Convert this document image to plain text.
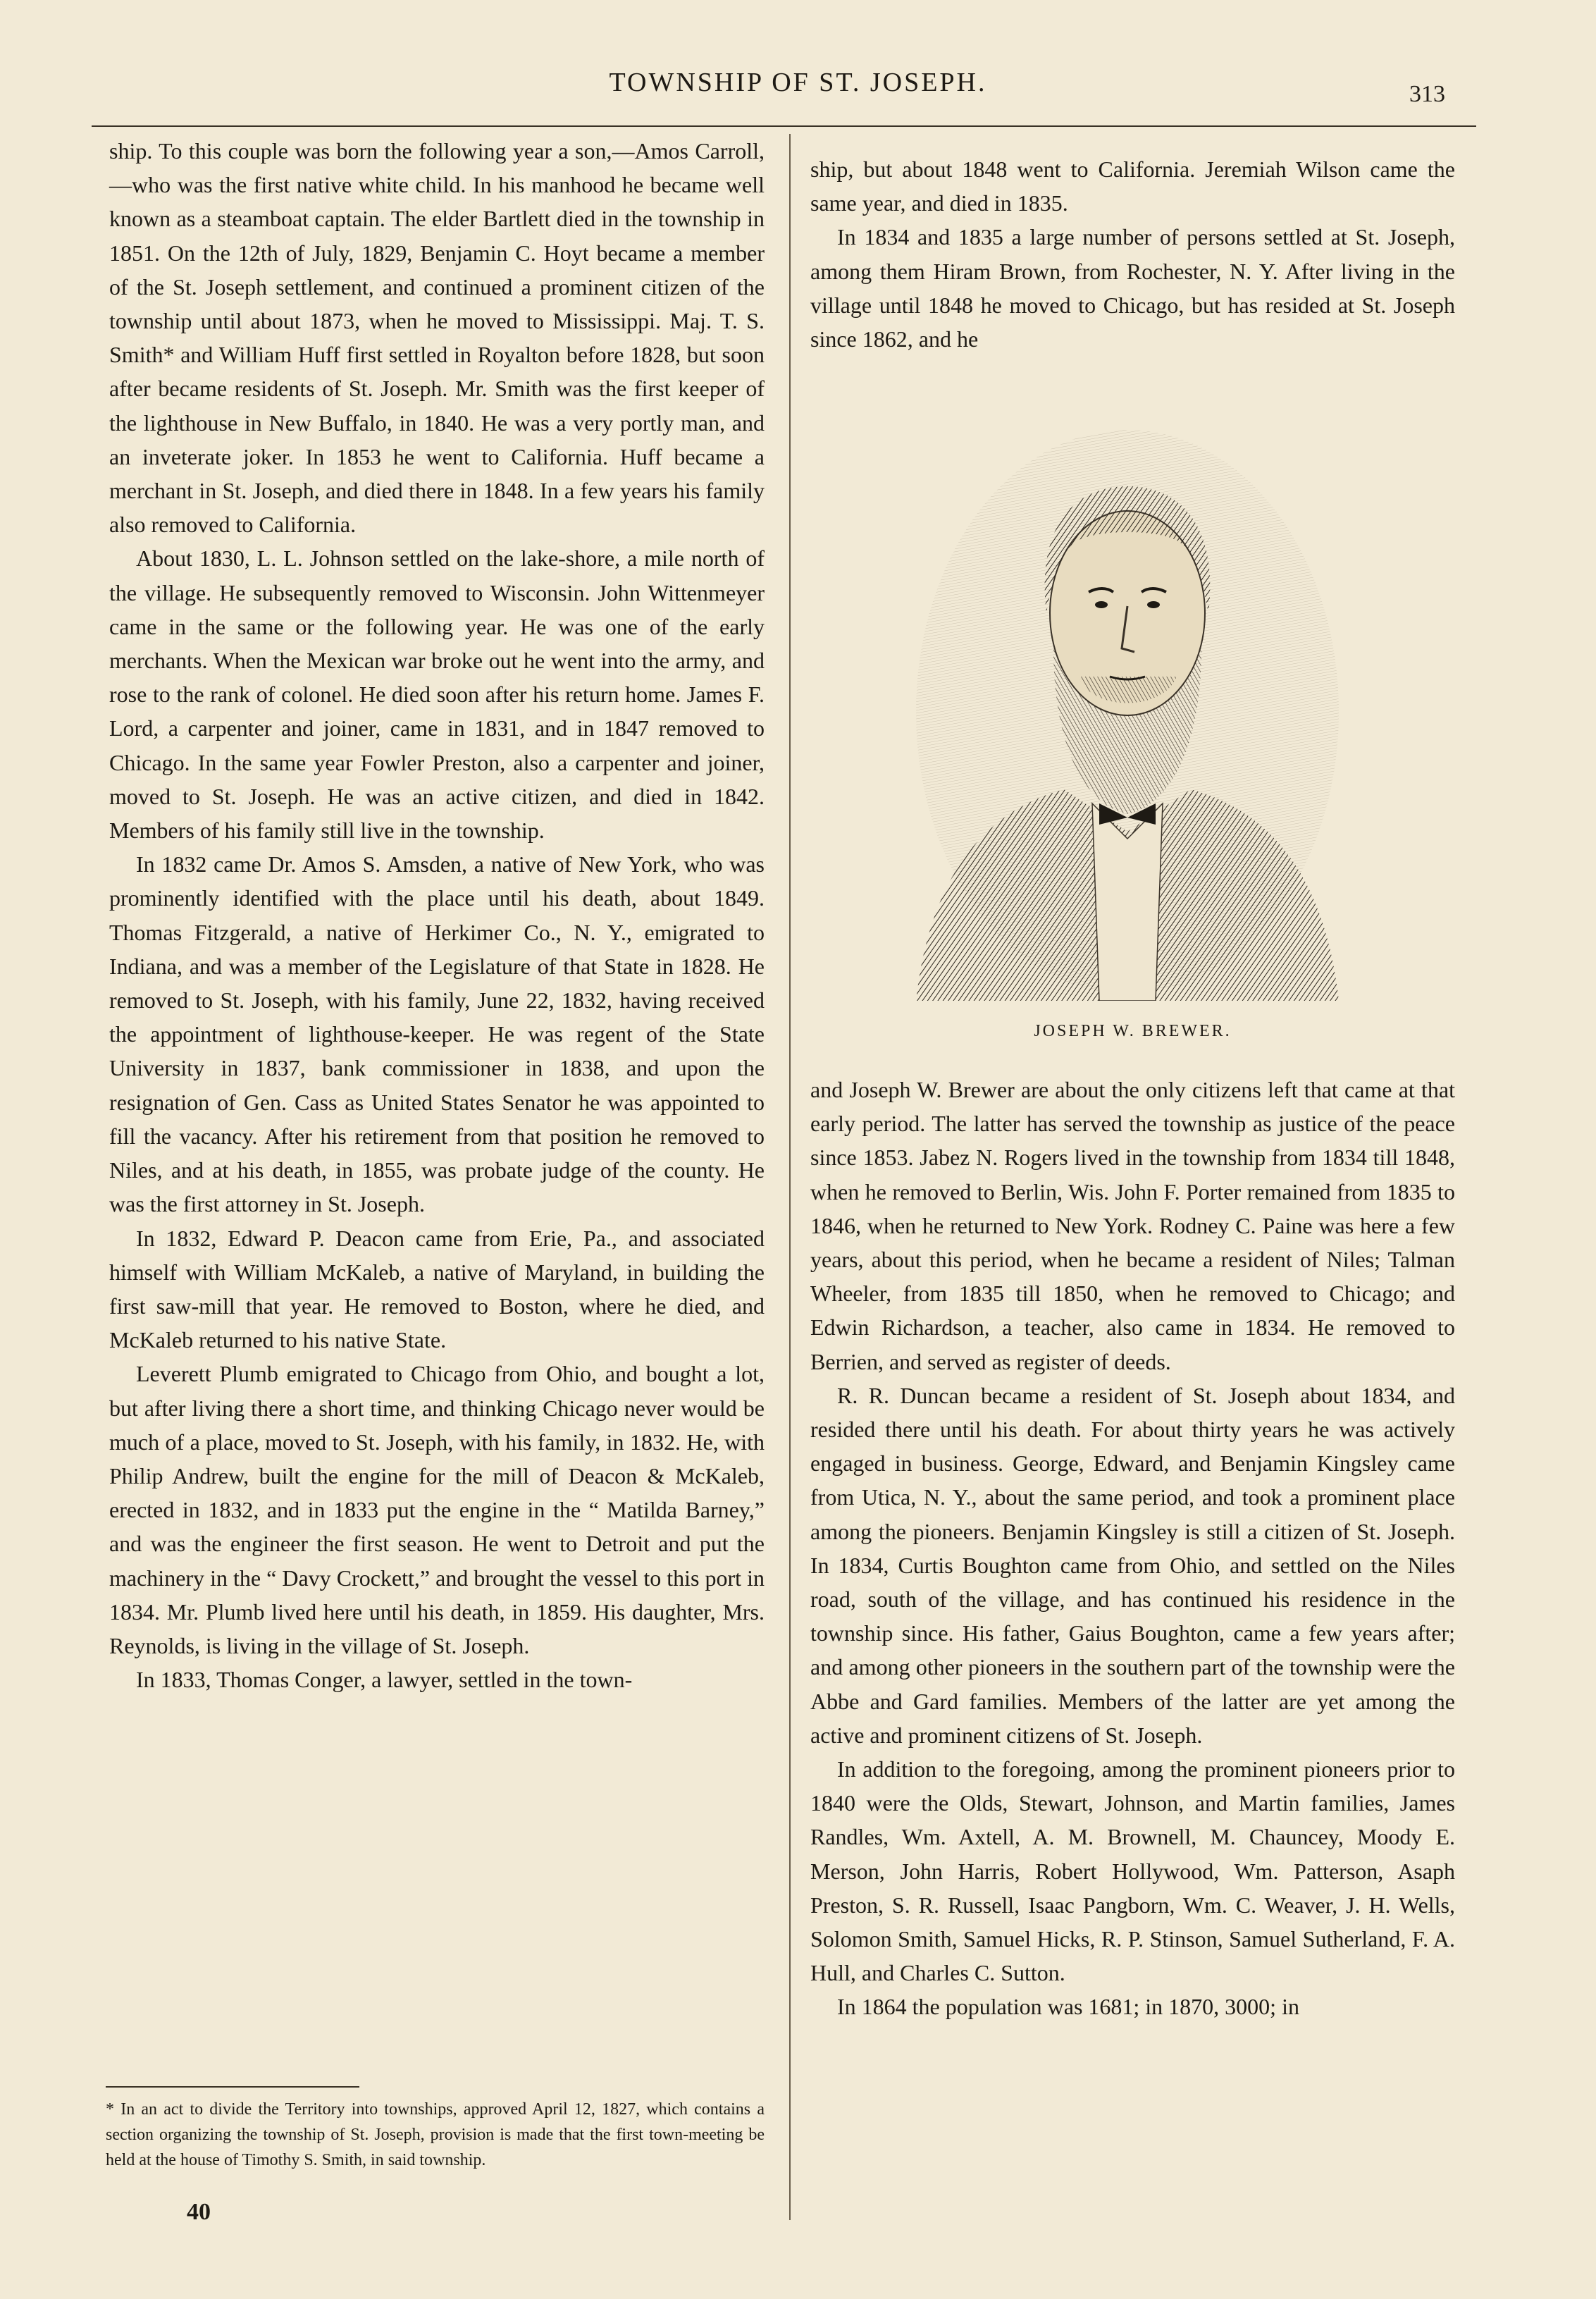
TOWNSHIP OF ST. JOSEPH.	313

ship. To this couple was born the following year a son,—Amos Carroll,—who was the first native white child. In his manhood he became well known as a steamboat captain. The elder Bartlett died in the township in 1851. On the 12th of July, 1829, Benjamin C. Hoyt became a member of the St. Joseph settlement, and continued a prominent citizen of the township until about 1873, when he moved to Mississippi. Maj. T. S. Smith* and William Huff first settled in Royalton before 1828, but soon after became residents of St. Joseph. Mr. Smith was the first keeper of the lighthouse in New Buffalo, in 1840. He was a very portly man, and an inveterate joker. In 1853 he went to California. Huff became a merchant in St. Joseph, and died there in 1848. In a few years his family also removed to California.

About 1830, L. L. Johnson settled on the lake-shore, a mile north of the village. He subsequently removed to Wisconsin. John Wittenmeyer came in the same or the following year. He was one of the early merchants. When the Mexican war broke out he went into the army, and rose to the rank of colonel. He died soon after his return home. James F. Lord, a carpenter and joiner, came in 1831, and in 1847 removed to Chicago. In the same year Fowler Preston, also a carpenter and joiner, moved to St. Joseph. He was an active citizen, and died in 1842. Members of his family still live in the township.

In 1832 came Dr. Amos S. Amsden, a native of New York, who was prominently identified with the place until his death, about 1849. Thomas Fitzgerald, a native of Herkimer Co., N. Y., emigrated to Indiana, and was a member of the Legislature of that State in 1828. He removed to St. Joseph, with his family, June 22, 1832, having received the appointment of lighthouse-keeper. He was regent of the State University in 1837, bank commissioner in 1838, and upon the resignation of Gen. Cass as United States Senator he was appointed to fill the vacancy. After his retirement from that position he removed to Niles, and at his death, in 1855, was probate judge of the county. He was the first attorney in St. Joseph.

In 1832, Edward P. Deacon came from Erie, Pa., and associated himself with William McKaleb, a native of Maryland, in building the first saw-mill that year. He removed to Boston, where he died, and McKaleb returned to his native State.

Leverett Plumb emigrated to Chicago from Ohio, and bought a lot, but after living there a short time, and thinking Chicago never would be much of a place, moved to St. Joseph, with his family, in 1832. He, with Philip Andrew, built the engine for the mill of Deacon & McKaleb, erected in 1832, and in 1833 put the engine in the “ Matilda Barney,” and was the engineer the first season. He went to Detroit and put the machinery in the “ Davy Crockett,” and brought the vessel to this port in 1834. Mr. Plumb lived here until his death, in 1859. His daughter, Mrs. Reynolds, is living in the village of St. Joseph.

In 1833, Thomas Conger, a lawyer, settled in the town-

ship, but about 1848 went to California. Jeremiah Wilson came the same year, and died in 1835.

In 1834 and 1835 a large number of persons settled at St. Joseph, among them Hiram Brown, from Rochester, N. Y. After living in the village until 1848 he moved to Chicago, but has resided at St. Joseph since 1862, and he

JOSEPH W. BREWER.

and Joseph W. Brewer are about the only citizens left that came at that early period. The latter has served the township as justice of the peace since 1853. Jabez N. Rogers lived in the township from 1834 till 1848, when he removed to Berlin, Wis. John F. Porter remained from 1835 to 1846, when he returned to New York. Rodney C. Paine was here a few years, about this period, when he became a resident of Niles; Talman Wheeler, from 1835 till 1850, when he removed to Chicago; and Edwin Richardson, a teacher, also came in 1834. He removed to Berrien, and served as register of deeds.

R. R. Duncan became a resident of St. Joseph about 1834, and resided there until his death. For about thirty years he was actively engaged in business. George, Edward, and Benjamin Kingsley came from Utica, N. Y., about the same period, and took a prominent place among the pioneers. Benjamin Kingsley is still a citizen of St. Joseph. In 1834, Curtis Boughton came from Ohio, and settled on the Niles road, south of the village, and has continued his residence in the township since. His father, Gaius Boughton, came a few years after; and among other pioneers in the southern part of the township were the Abbe and Gard families. Members of the latter are yet among the active and prominent citizens of St. Joseph.

In addition to the foregoing, among the prominent pioneers prior to 1840 were the Olds, Stewart, Johnson, and Martin families, James Randles, Wm. Axtell, A. M. Brownell, M. Chauncey, Moody E. Merson, John Harris, Robert Hollywood, Wm. Patterson, Asaph Preston, S. R. Russell, Isaac Pangborn, Wm. C. Weaver, J. H. Wells, Solomon Smith, Samuel Hicks, R. P. Stinson, Samuel Sutherland, F. A. Hull, and Charles C. Sutton.

In 1864 the population was 1681; in 1870, 3000; in

* In an act to divide the Territory into townships, approved April 12, 1827, which contains a section organizing the township of St. Joseph, provision is made that the first town-meeting be held at the house of Timothy S. Smith, in said township.
40
